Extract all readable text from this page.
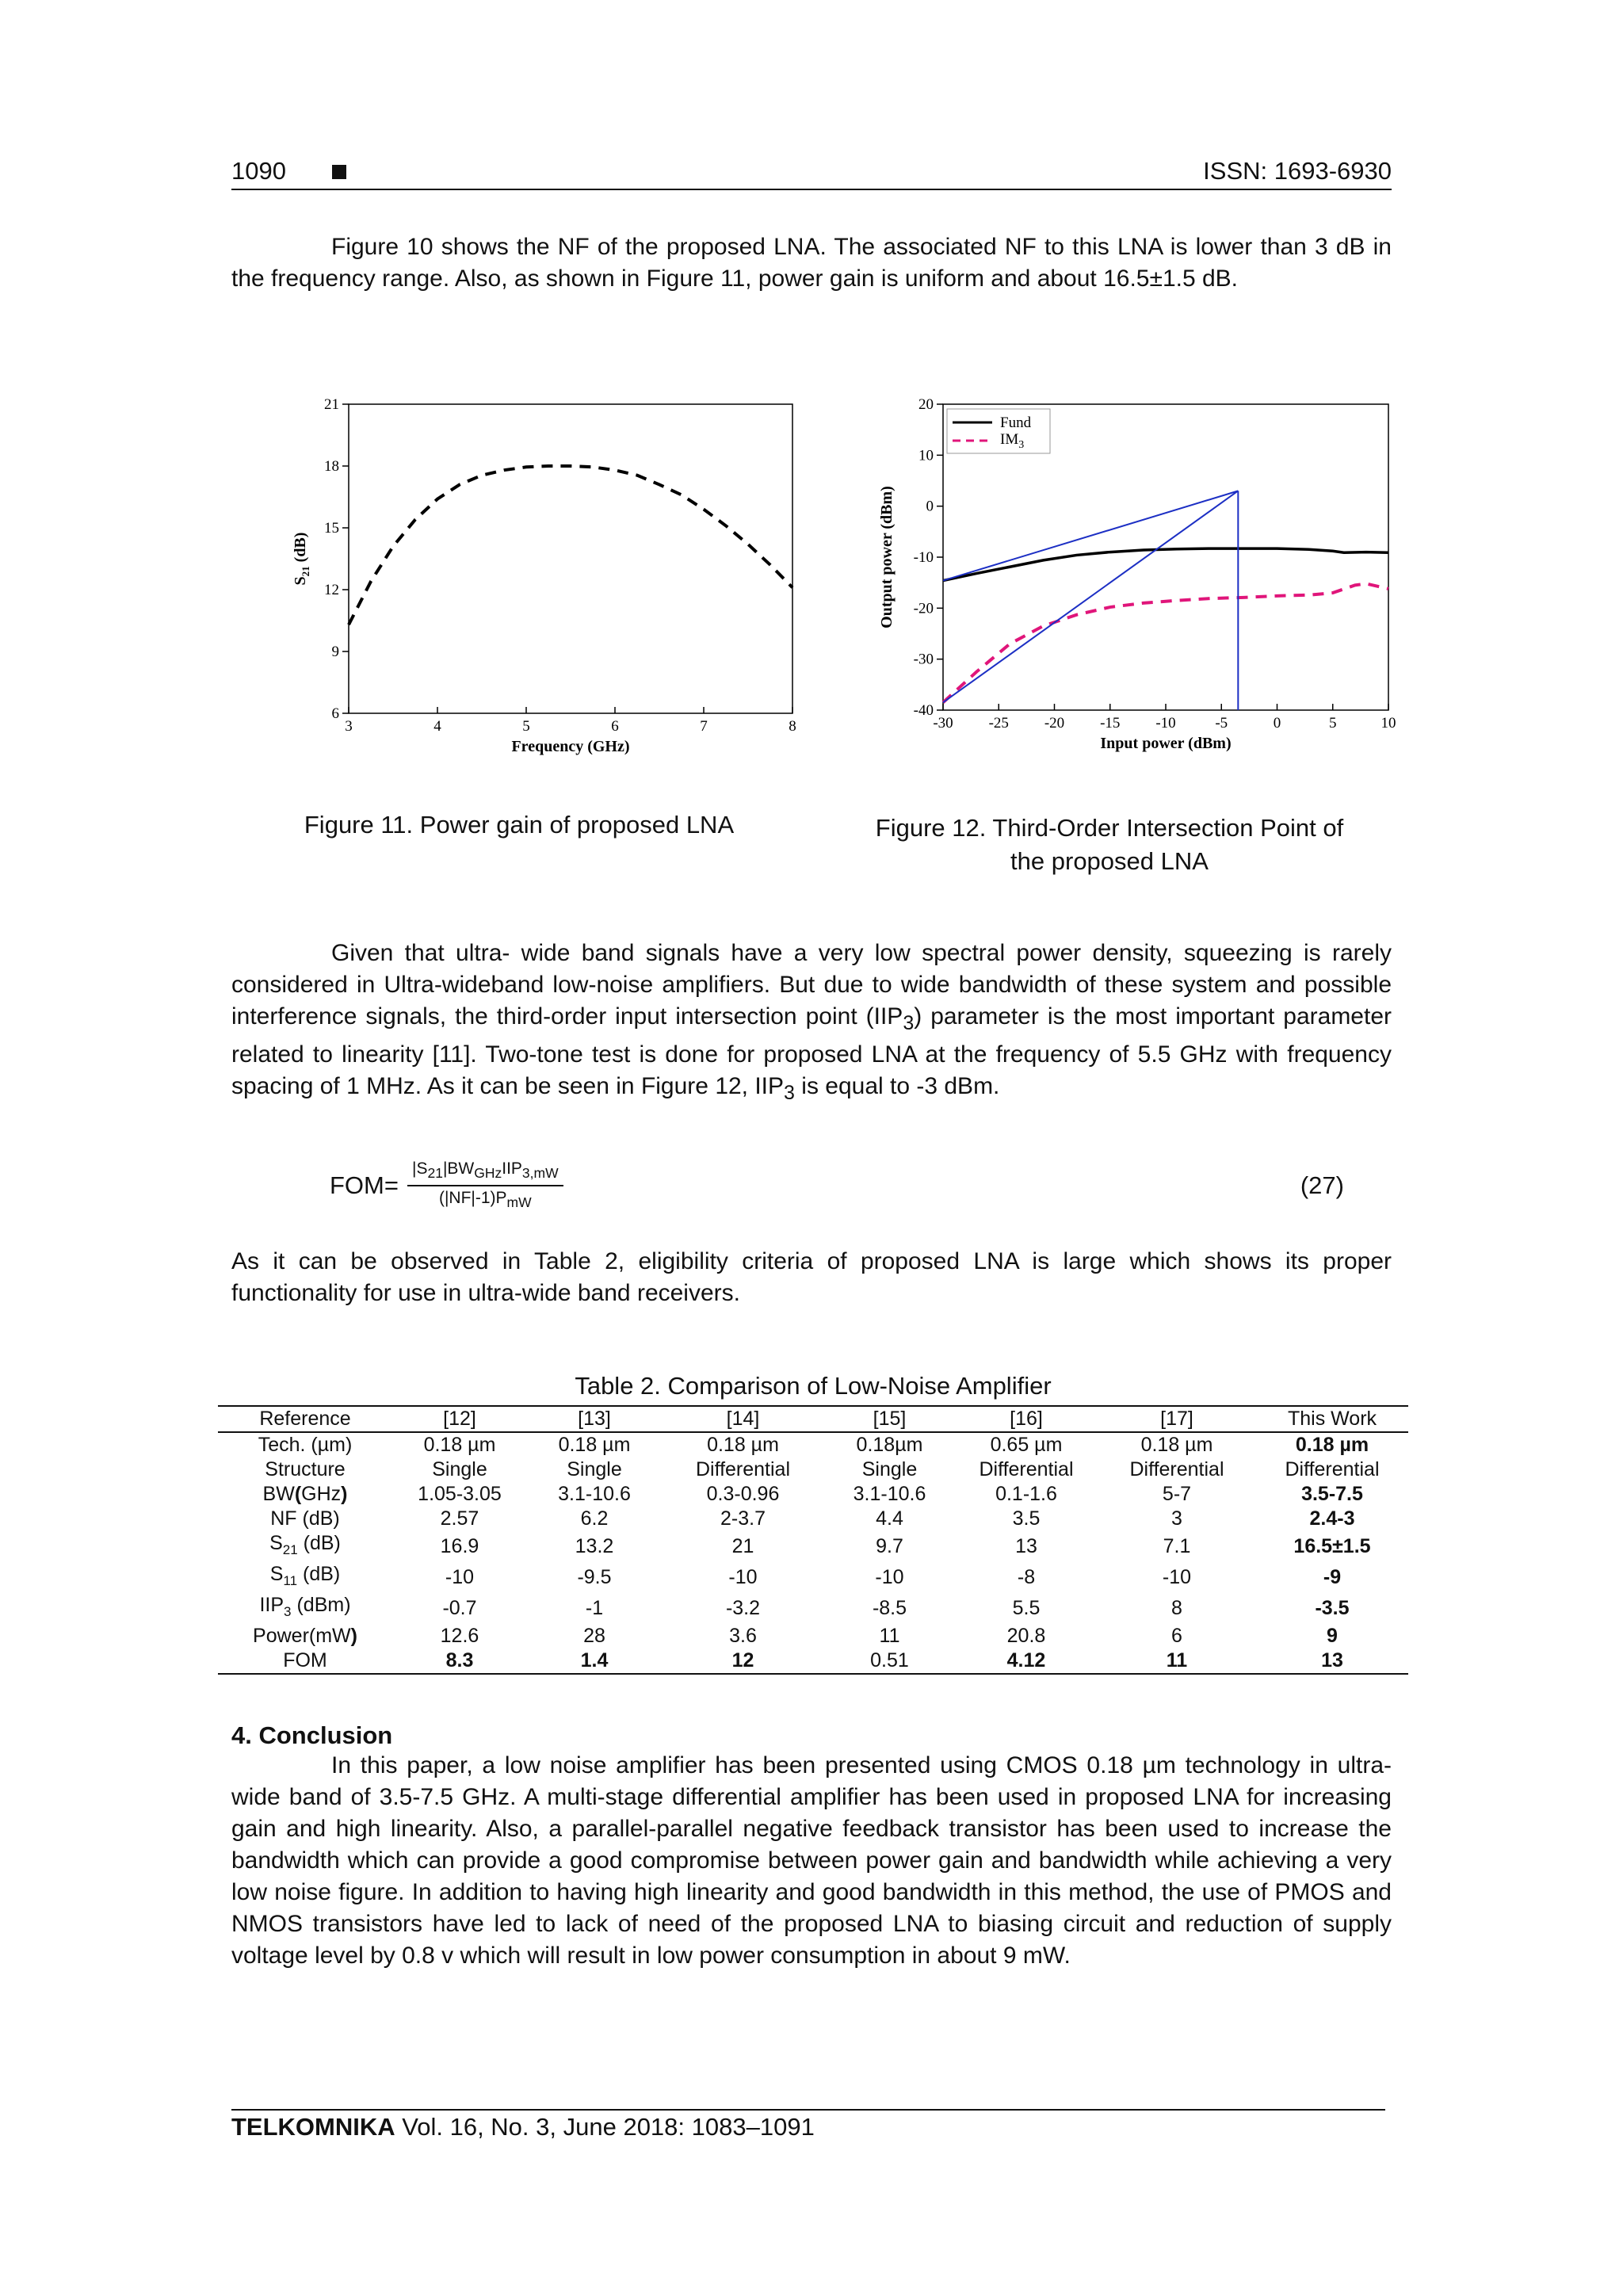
1090	ISSN: 1693-6930

Figure 10 shows the NF of the proposed LNA. The associated NF to this LNA is lower than 3 dB in the frequency range. Also, as shown in Figure 11, power gain is uniform and about 16.5±1.5 dB.

3	4	5	6	7	8
6
9
12
15
18
21
Frequency (GHz)
$S_{21}$ (dB)
-30 -25 -20 -15 -10	-5	0	5	10
-40
-30
-20
-10
0
10
20
Input power (dBm)
Output power (dBm)
Fund
$IM_3$
Figure 11. Power gain of proposed LNA	Figure 12. Third-Order Intersection Point of
the proposed LNA

Given that ultra- wide band signals have a very low spectral power density, squeezing is rarely considered in Ultra-wideband low-noise amplifiers. But due to wide bandwidth of these system and possible interference signals, the third-order input intersection point $(IIP_3)$ parameter is the most important parameter related to linearity [11]. Two-tone test is done for proposed LNA at the frequency of 5.5 GHz with frequency spacing of 1 MHz. As it can be seen in Figure 12, $IIP_3$ is equal to -3 dBm.

FOM=
$|S_{21}|BW_{GHz}IIP_{3,mW}$
$(|NF|-1)P_{mW}$
(27)

As it can be observed in Table 2, eligibility criteria of proposed LNA is large which shows its proper functionality for use in ultra-wide band receivers.

Table 2. Comparison of Low-Noise Amplifier
Reference	[12]	[13]	[14]	[15]	[16]	[17]	This Work
Tech. (µm)	0.18 µm	0.18 µm	0.18 µm	0.18µm	0.65 µm	0.18 µm	0.18 µm
Structure	Single	Single	Differential	Single	Differential	Differential	Differential
BW(GHz)	1.05-3.05	3.1-10.6	0.3-0.96	3.1-10.6	0.1-1.6	5-7	3.5-7.5
NF (dB)	2.57	6.2	2-3.7	4.4	3.5	3	2.4-3
$S_{21}$ (dB)	16.9	13.2	21	9.7	13	7.1	16.5±1.5
$S_{11}$ (dB)	-10	-9.5	-10	-10	-8	-10	-9
$IIP_3$ (dBm)	-0.7	-1	-3.2	-8.5	5.5	8	-3.5
Power(mW)	12.6	28	3.6	11	20.8	6	9
FOM	8.3	1.4	12	0.51	4.12	11	13
4. Conclusion

In this paper, a low noise amplifier has been presented using CMOS 0.18 µm technology in ultra-wide band of 3.5-7.5 GHz. A multi-stage differential amplifier has been used in proposed LNA for increasing gain and high linearity. Also, a parallel-parallel negative feedback transistor has been used to increase the bandwidth which can provide a good compromise between power gain and bandwidth while achieving a very low noise figure. In addition to having high linearity and good bandwidth in this method, the use of PMOS and NMOS transistors have led to lack of need of the proposed LNA to biasing circuit and reduction of supply voltage level by 0.8 v which will result in low power consumption in about 9 mW.

TELKOMNIKA Vol. 16, No. 3, June 2018: 1083–1091
